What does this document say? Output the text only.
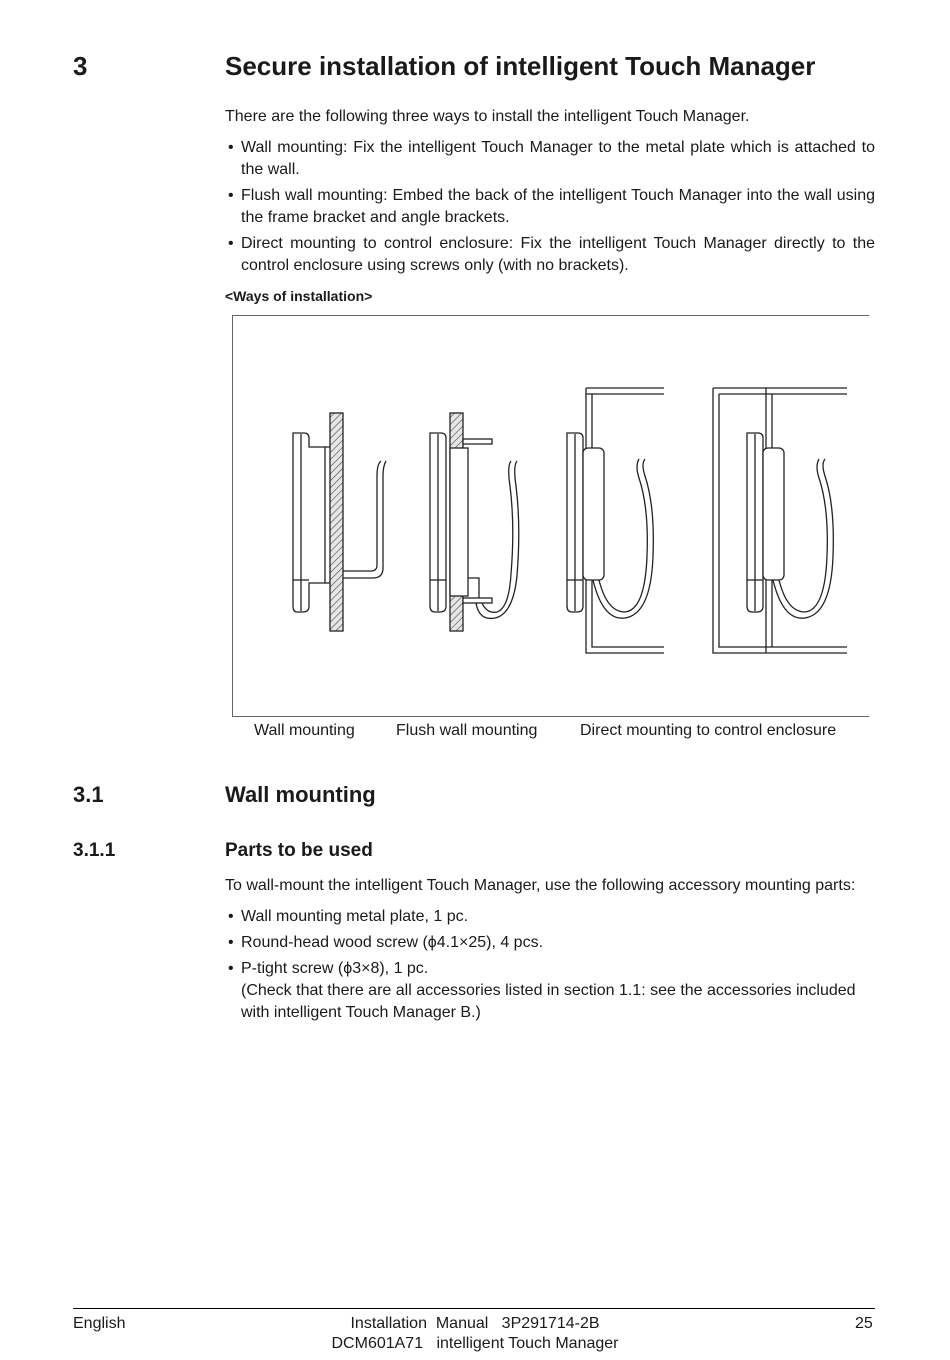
3	Secure installation of intelligent Touch Manager
There are the following three ways to install the intelligent Touch Manager.
• Wall mounting: Fix the intelligent Touch Manager to the metal plate which is attached to the wall.
• Flush wall mounting: Embed the back of the intelligent Touch Manager into the wall using the frame bracket and angle brackets.
• Direct mounting to control enclosure: Fix the intelligent Touch Manager directly to the control enclosure using screws only (with no brackets).
<Ways of installation>
Wall mounting	Flush wall mounting	Direct mounting to control enclosure
3.1	Wall mounting
3.1.1	Parts to be used
To wall-mount the intelligent Touch Manager, use the following accessory mounting parts:
• Wall mounting metal plate, 1 pc.
• Round-head wood screw (ϕ4.1×25), 4 pcs.
• P-tight screw (ϕ3×8), 1 pc.
(Check that there are all accessories listed in section 1.1: see the accessories included with intelligent Touch Manager B.)
English	Installation  Manual   3P291714-2B
DCM601A71   intelligent Touch Manager
25
